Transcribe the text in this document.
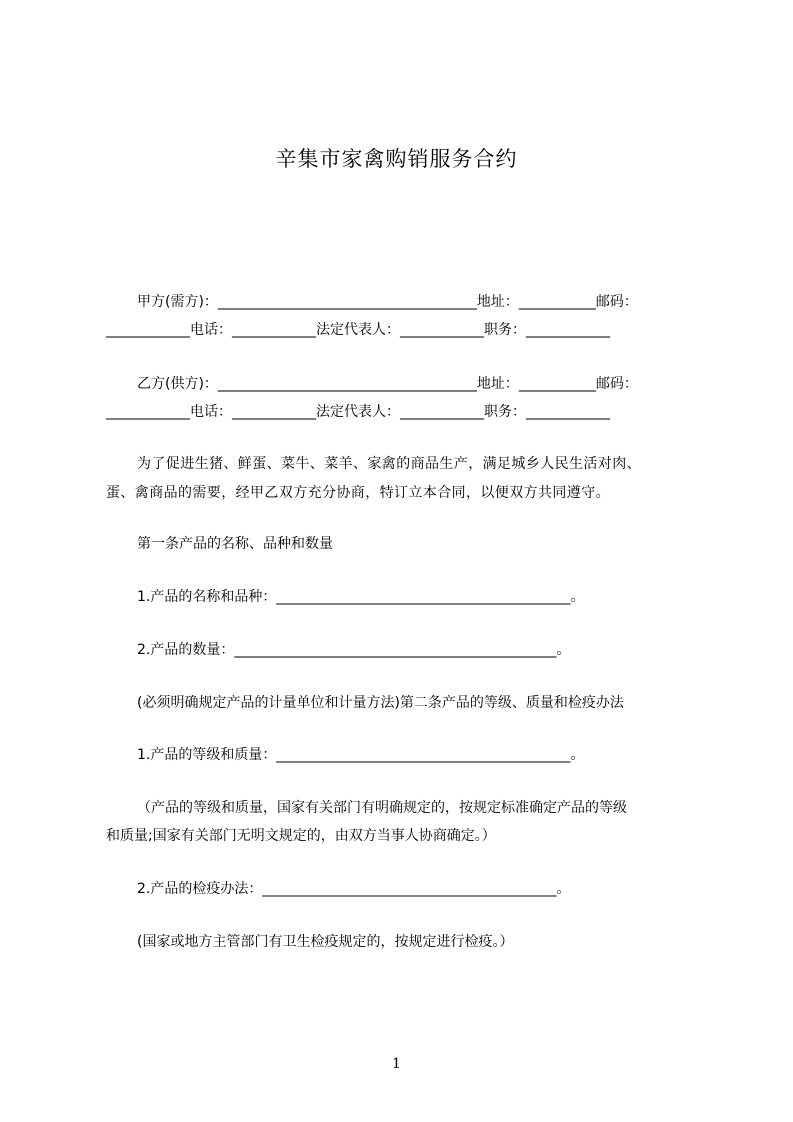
辛集市家禽购销服务合约
甲方(需方)：_____________________________________地址：___________邮码：
____________电话：____________法定代表人：____________职务：____________
乙方(供方)：_____________________________________地址：___________邮码：
____________电话：____________法定代表人：____________职务：____________
为了促进生猪、鲜蛋、菜牛、菜羊、家禽的商品生产，满足城乡人民生活对肉、
蛋、禽商品的需要，经甲乙双方充分协商，特订立本合同，以便双方共同遵守。
第一条产品的名称、品种和数量
1.产品的名称和品种：__________________________________________。
2.产品的数量：______________________________________________。
(必须明确规定产品的计量单位和计量方法)第二条产品的等级、质量和检疫办法
1.产品的等级和质量：__________________________________________。
（产品的等级和质量，国家有关部门有明确规定的，按规定标准确定产品的等级
和质量;国家有关部门无明文规定的，由双方当事人协商确定。）
2.产品的检疫办法：__________________________________________。
(国家或地方主管部门有卫生检疫规定的，按规定进行检疫。）
1
